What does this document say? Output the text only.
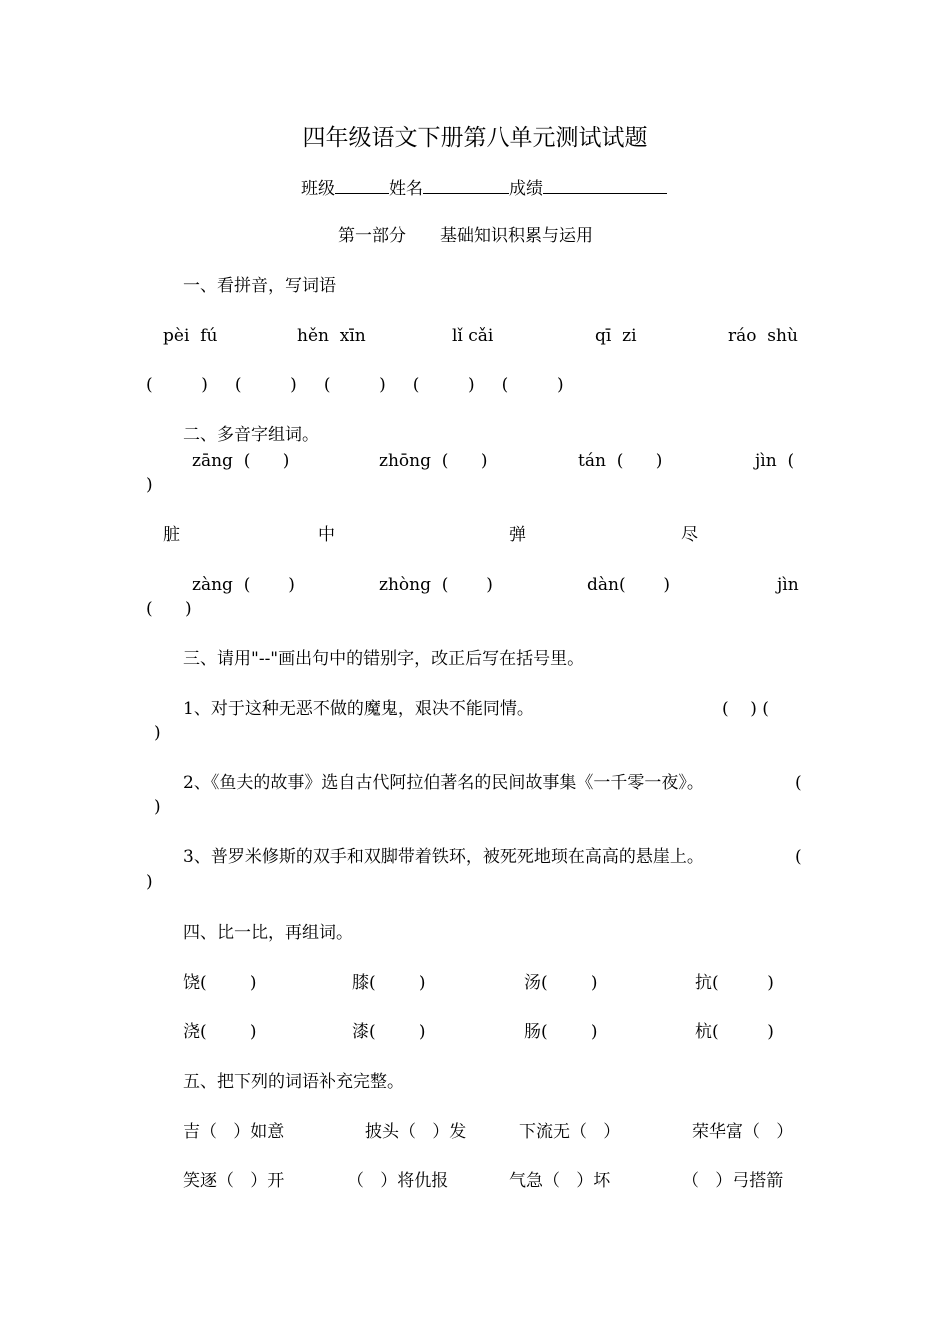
四年级语文下册第八单元测试试题
班级	姓名	成绩
第一部分　　基础知识积累与运用
一、看拼音，写词语
pèi  fú	hěn  xīn	lǐ cǎi	qī  zi	ráo  shù
(         )     (         )     (         )     (         )     (         )
二、多音字组词。
zāng  (      )	zhōng  (      )	tán  (      )	jìn  (
)
脏	中	弹	尽
zàng  (       )	zhòng  (       )	dàn(       )	jìn
(      )
三、请用"--"画出句中的错别字，改正后写在括号里。
1、对于这种无恶不做的魔鬼，艰决不能同情。	(    ) (
)
2、《鱼夫的故事》选自古代阿拉伯著名的民间故事集《一千零一夜》。	(
)
3、普罗米修斯的双手和双脚带着铁环，被死死地顼在高高的悬崖上。	(
)
四、比一比，再组词。
饶(        )	膝(        )	汤(        )	抗(         )
浇(        )	漆(        )	肠(        )	杭(         )
五、把下列的词语补充完整。
吉（   ）如意	披头（   ）发	下流无（   ）	荣华富（   ）
笑逐（   ）开	（   ）将仇报	气急（   ）坏	（   ）弓搭箭
